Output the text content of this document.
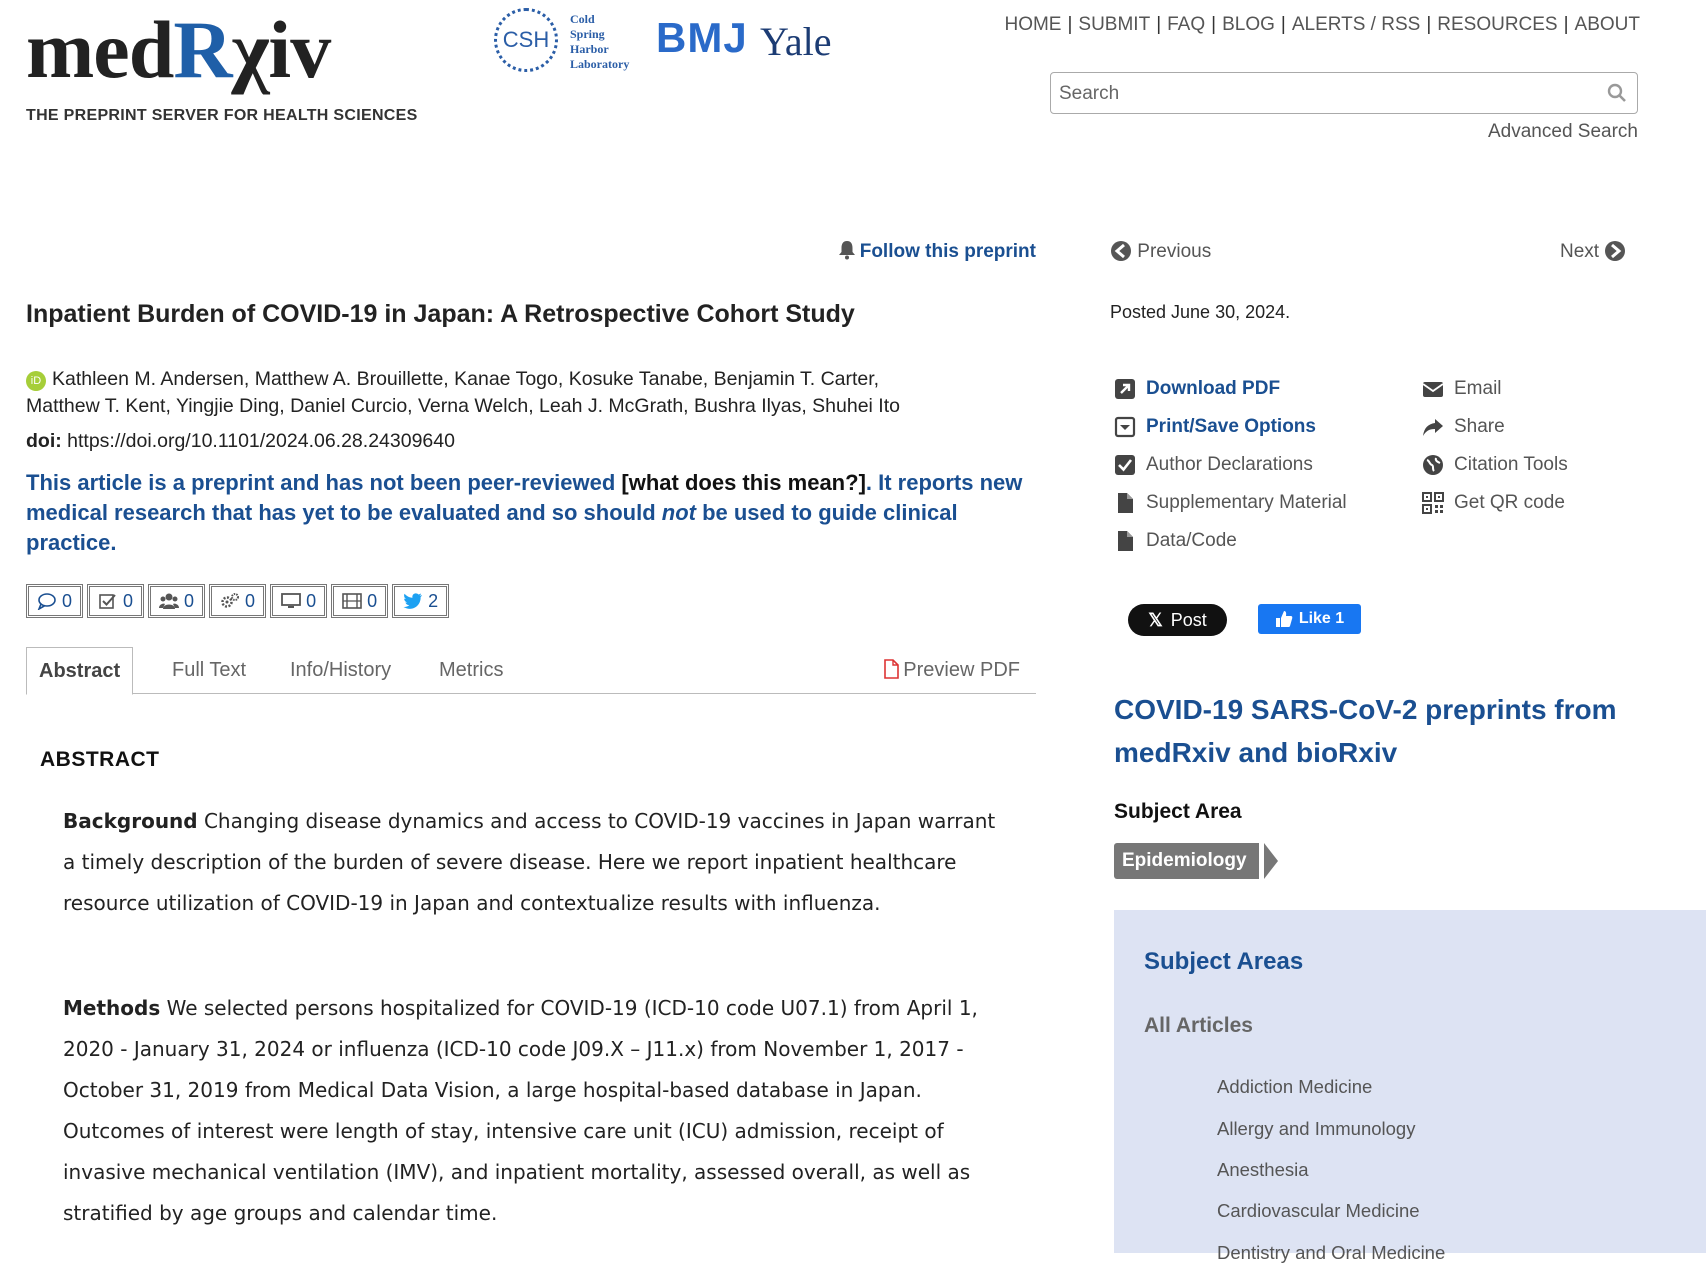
medRχiv
THE PREPRINT SERVER FOR HEALTH SCIENCES
CSH
Cold
Spring
Harbor
Laboratory
BMJ Yale	HOME | SUBMIT | FAQ | BLOG | ALERTS / RSS | RESOURCES | ABOUT
Search
Advanced Search
Follow this preprint
Inpatient Burden of COVID-19 in Japan: A Retrospective Cohort Study
iD Kathleen M. Andersen, Matthew A. Brouillette, Kanae Togo, Kosuke Tanabe, Benjamin T. Carter,
Matthew T. Kent, Yingjie Ding, Daniel Curcio, Verna Welch, Leah J. McGrath, Bushra Ilyas, Shuhei Ito
doi: https://doi.org/10.1101/2024.06.28.24309640
This article is a preprint and has not been peer-reviewed [what does this mean?]. It reports new medical research that has yet to be evaluated and so should not be used to guide clinical practice.
0	0	0	0	0	0	2
Abstract	Full Text Info/History Metrics	Preview PDF
ABSTRACT
Background Changing disease dynamics and access to COVID-19 vaccines in Japan warrant a timely description of the burden of severe disease. Here we report inpatient healthcare resource utilization of COVID-19 in Japan and contextualize results with influenza.
Methods We selected persons hospitalized for COVID-19 (ICD-10 code U07.1) from April 1, 2020 - January 31, 2024 or influenza (ICD-10 code J09.X – J11.x) from November 1, 2017 - October 31, 2019 from Medical Data Vision, a large hospital-based database in Japan. Outcomes of interest were length of stay, intensive care unit (ICU) admission, receipt of invasive mechanical ventilation (IMV), and inpatient mortality, assessed overall, as well as stratified by age groups and calendar time.
Previous	Next
Posted June 30, 2024.
Download PDF
Print/Save Options
Author Declarations
Supplementary Material
Data/Code
Email
Share
Citation Tools
Get QR code
𝕏 Post	Like 1
COVID-19 SARS-CoV-2 preprints from medRxiv and bioRxiv
Subject Area
Epidemiology
Subject Areas
All Articles
Addiction Medicine
Allergy and Immunology
Anesthesia
Cardiovascular Medicine
Dentistry and Oral Medicine
